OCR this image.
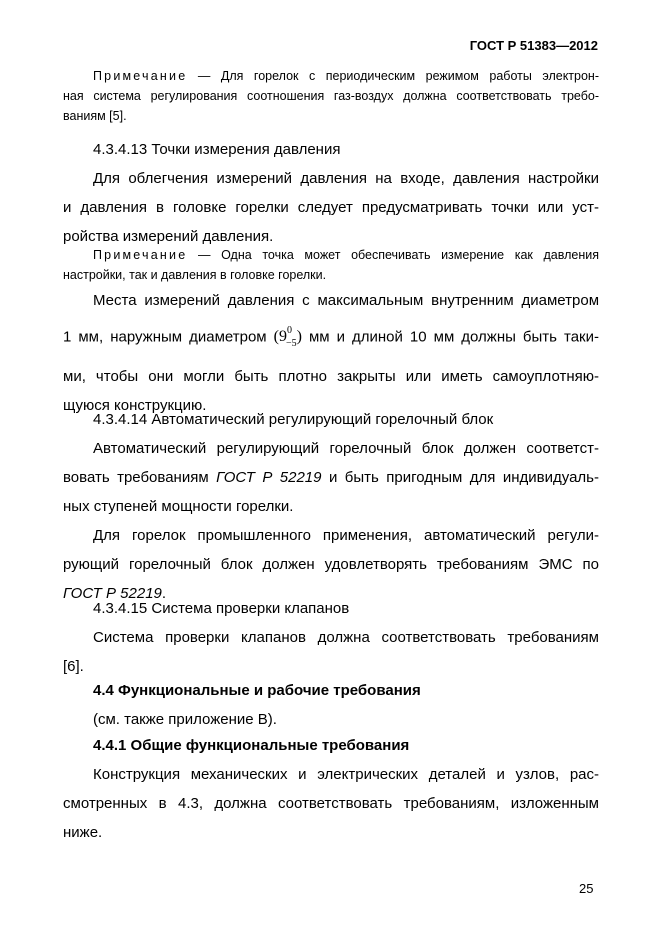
ГОСТ Р 51383—2012
Примечание — Для горелок с периодическим режимом работы электрон-
ная система регулирования соотношения газ-воздух должна соответствовать требо-
ваниям [5].
4.3.4.13 Точки измерения давления
Для облегчения измерений давления на входе, давления настройки
и давления в головке горелки следует предусматривать точки или уст-
ройства измерений давления.
Примечание — Одна точка может обеспечивать измерение как давления
настройки, так и давления в головке горелки.
Места измерений давления с максимальным внутренним диаметром
1 мм, наружным диаметром $(9^0_{-5})$ мм и длиной 10 мм должны быть таки-
ми, чтобы они могли быть плотно закрыты или иметь самоуплотняю-
щуюся конструкцию.
4.3.4.14 Автоматический регулирующий горелочный блок
Автоматический регулирующий горелочный блок должен соответст-
вовать требованиям ГОСТ Р 52219 и быть пригодным для индивидуаль-
ных ступеней мощности горелки.
Для горелок промышленного применения, автоматический регули-
рующий горелочный блок должен удовлетворять требованиям ЭМС по
ГОСТ Р 52219.
4.3.4.15 Система проверки клапанов
Система проверки клапанов должна соответствовать требованиям
[6].
4.4 Функциональные и рабочие требования
(см. также приложение В).
4.4.1 Общие функциональные требования
Конструкция механических и электрических деталей и узлов, рас-
смотренных в 4.3, должна соответствовать требованиям, изложенным
ниже.
25
